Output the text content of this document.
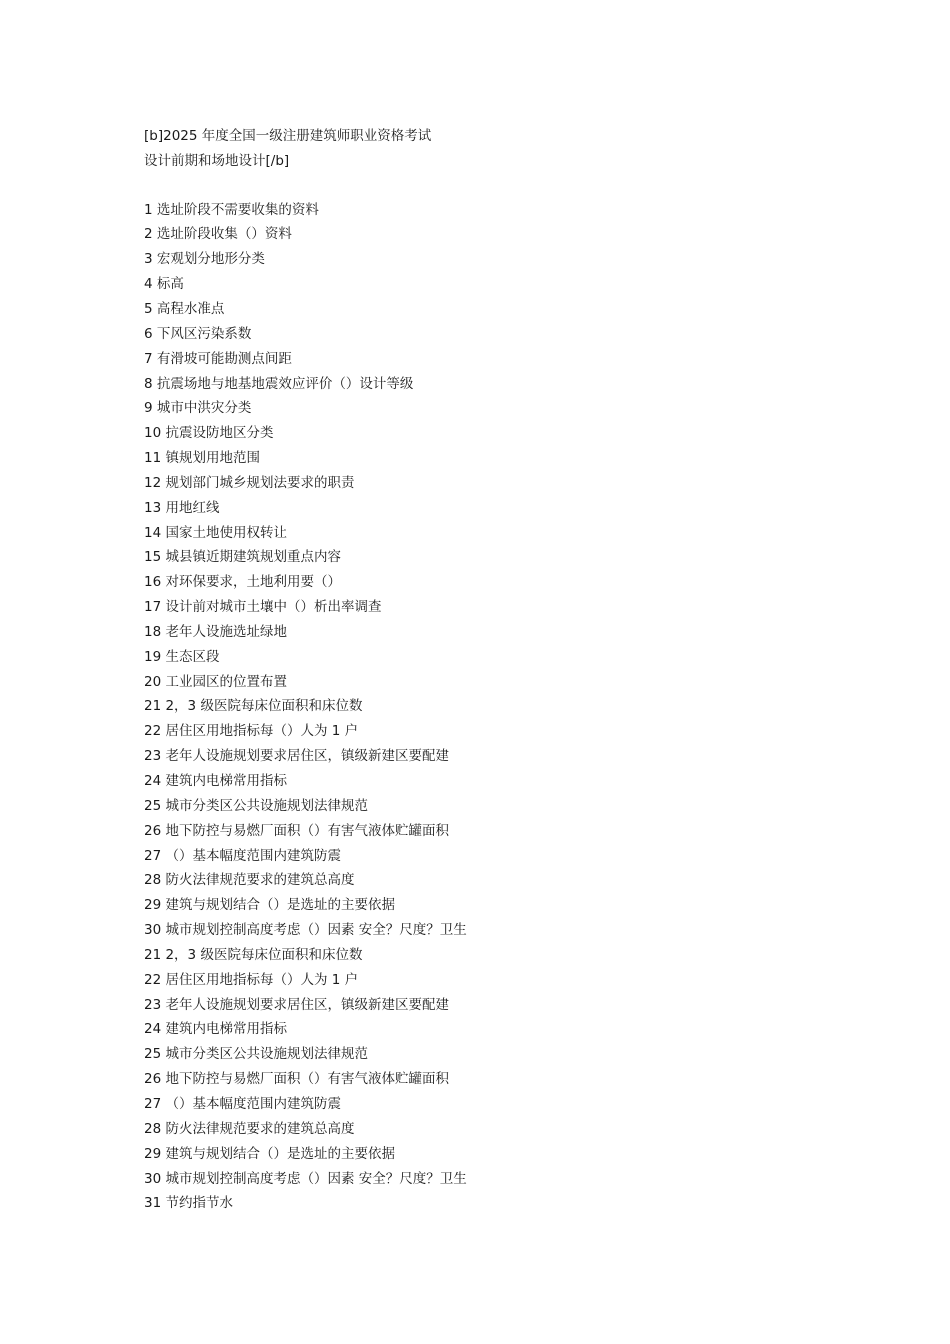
[b]2025 年度全国一级注册建筑师职业资格考试
设计前期和场地设计[/b]
1 选址阶段不需要收集的资料
2 选址阶段收集（）资料
3 宏观划分地形分类
4 标高
5 高程水准点
6 下风区污染系数
7 有滑坡可能勘测点间距
8 抗震场地与地基地震效应评价（）设计等级
9 城市中洪灾分类
10 抗震设防地区分类
11 镇规划用地范围
12 规划部门城乡规划法要求的职责
13 用地红线
14 国家土地使用权转让
15 城县镇近期建筑规划重点内容
16 对环保要求，土地利用要（）
17 设计前对城市土壤中（）析出率调查
18 老年人设施选址绿地
19 生态区段
20 工业园区的位置布置
21 2，3 级医院每床位面积和床位数
22 居住区用地指标每（）人为 1 户
23 老年人设施规划要求居住区，镇级新建区要配建
24 建筑内电梯常用指标
25 城市分类区公共设施规划法律规范
26 地下防控与易燃厂面积（）有害气液体贮罐面积
27 （）基本幅度范围内建筑防震
28 防火法律规范要求的建筑总高度
29 建筑与规划结合（）是选址的主要依据
30 城市规划控制高度考虑（）因素 安全？尺度？卫生
21 2，3 级医院每床位面积和床位数
22 居住区用地指标每（）人为 1 户
23 老年人设施规划要求居住区，镇级新建区要配建
24 建筑内电梯常用指标
25 城市分类区公共设施规划法律规范
26 地下防控与易燃厂面积（）有害气液体贮罐面积
27 （）基本幅度范围内建筑防震
28 防火法律规范要求的建筑总高度
29 建筑与规划结合（）是选址的主要依据
30 城市规划控制高度考虑（）因素 安全？尺度？卫生
31 节约指节水
